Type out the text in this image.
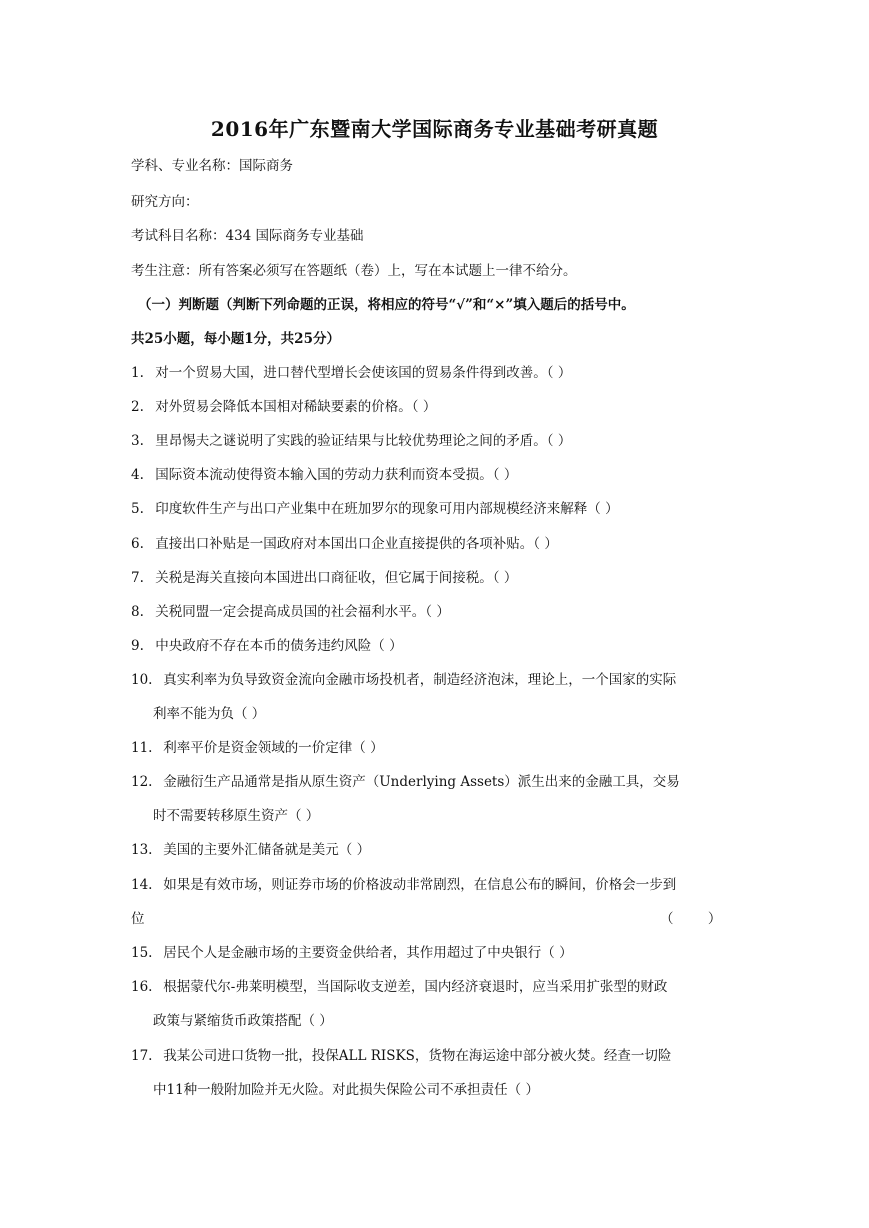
2016年广东暨南大学国际商务专业基础考研真题
学科、专业名称：国际商务
研究方向：
考试科目名称：434 国际商务专业基础
考生注意：所有答案必须写在答题纸（卷）上，写在本试题上一律不给分。
（一）判断题（判断下列命题的正误，将相应的符号“√”和“×”填入题后的括号中。
共25小题，每小题1分，共25分）
1. 对一个贸易大国，进口替代型增长会使该国的贸易条件得到改善。（ ）
2. 对外贸易会降低本国相对稀缺要素的价格。（ ）
3. 里昂惕夫之谜说明了实践的验证结果与比较优势理论之间的矛盾。（ ）
4. 国际资本流动使得资本输入国的劳动力获利而资本受损。（ ）
5. 印度软件生产与出口产业集中在班加罗尔的现象可用内部规模经济来解释（ ）
6. 直接出口补贴是一国政府对本国出口企业直接提供的各项补贴。（ ）
7. 关税是海关直接向本国进出口商征收，但它属于间接税。（ ）
8. 关税同盟一定会提高成员国的社会福利水平。（ ）
9. 中央政府不存在本币的债务违约风险（ ）
10. 真实利率为负导致资金流向金融市场投机者，制造经济泡沫，理论上，一个国家的实际
利率不能为负（ ）
11. 利率平价是资金领域的一价定律（ ）
12. 金融衍生产品通常是指从原生资产（Underlying Assets）派生出来的金融工具，交易
时不需要转移原生资产（ ）
13. 美国的主要外汇储备就是美元（ ）
14. 如果是有效市场，则证券市场的价格波动非常剧烈，在信息公布的瞬间，价格会一步到
位	（        ）
15. 居民个人是金融市场的主要资金供给者，其作用超过了中央银行（ ）
16. 根据蒙代尔-弗莱明模型，当国际收支逆差，国内经济衰退时，应当采用扩张型的财政
政策与紧缩货币政策搭配（ ）
17. 我某公司进口货物一批，投保ALL RISKS，货物在海运途中部分被火焚。经查一切险
中11种一般附加险并无火险。对此损失保险公司不承担责任（ ）
